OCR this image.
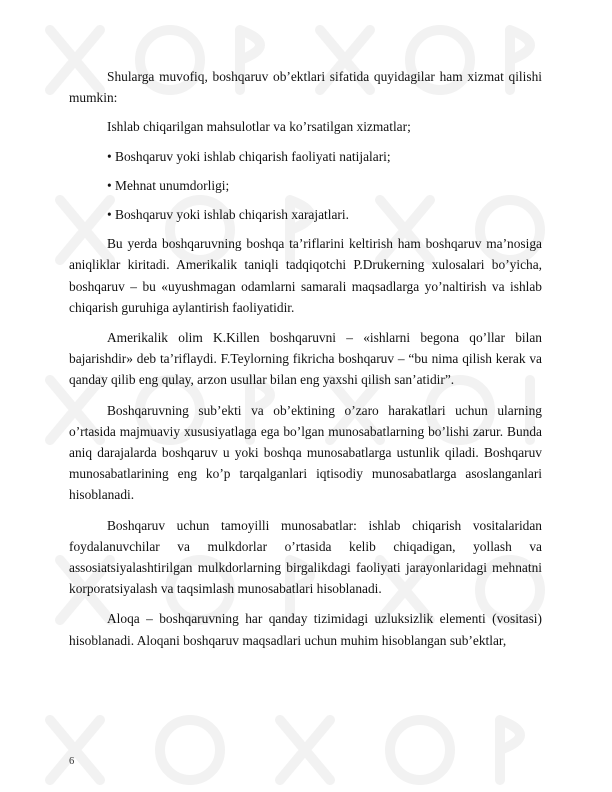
Shularga muvofiq, boshqaruv ob’ektlari sifatida quyidagilar ham xizmat qilishi mumkin:

Ishlab chiqarilgan mahsulotlar va ko’rsatilgan xizmatlar;

• Boshqaruv yoki ishlab chiqarish faoliyati natijalari;

• Mehnat unumdorligi;

• Boshqaruv yoki ishlab chiqarish xarajatlari.

Bu yerda boshqaruvning boshqa ta’riflarini keltirish ham boshqaruv ma’nosiga aniqliklar kiritadi. Amerikalik taniqli tadqiqotchi P.Drukerning xulosalari bo’yicha, boshqaruv – bu «uyushmagan odamlarni samarali maqsadlarga yo’naltirish va ishlab chiqarish guruhiga aylantirish faoliyatidir.

Amerikalik olim K.Killen boshqaruvni – «ishlarni begona qo’llar bilan bajarishdir» deb ta’riflaydi. F.Teylorning fikricha boshqaruv – “bu nima qilish kerak va qanday qilib eng qulay, arzon usullar bilan eng yaxshi qilish san’atidir”.

Boshqaruvning sub’ekti va ob’ektining o’zaro harakatlari uchun ularning o’rtasida majmuaviy xususiyatlaga ega bo’lgan munosabatlarning bo’lishi zarur. Bunda aniq darajalarda boshqaruv u yoki boshqa munosabatlarga ustunlik qiladi. Boshqaruv munosabatlarining eng ko’p tarqalganlari iqtisodiy munosabatlarga asoslanganlari hisoblanadi.

Boshqaruv uchun tamoyilli munosabatlar: ishlab chiqarish vositalaridan foydalanuvchilar va mulkdorlar o’rtasida kelib chiqadigan, yollash va assosiatsiyalashtirilgan mulkdorlarning birgalikdagi faoliyati jarayonlaridagi mehnatni korporatsiyalash va taqsimlash munosabatlari hisoblanadi.

Aloqa – boshqaruvning har qanday tizimidagi uzluksizlik elementi (vositasi) hisoblanadi. Aloqani boshqaruv maqsadlari uchun muhim hisoblangan sub’ektlar,

6
